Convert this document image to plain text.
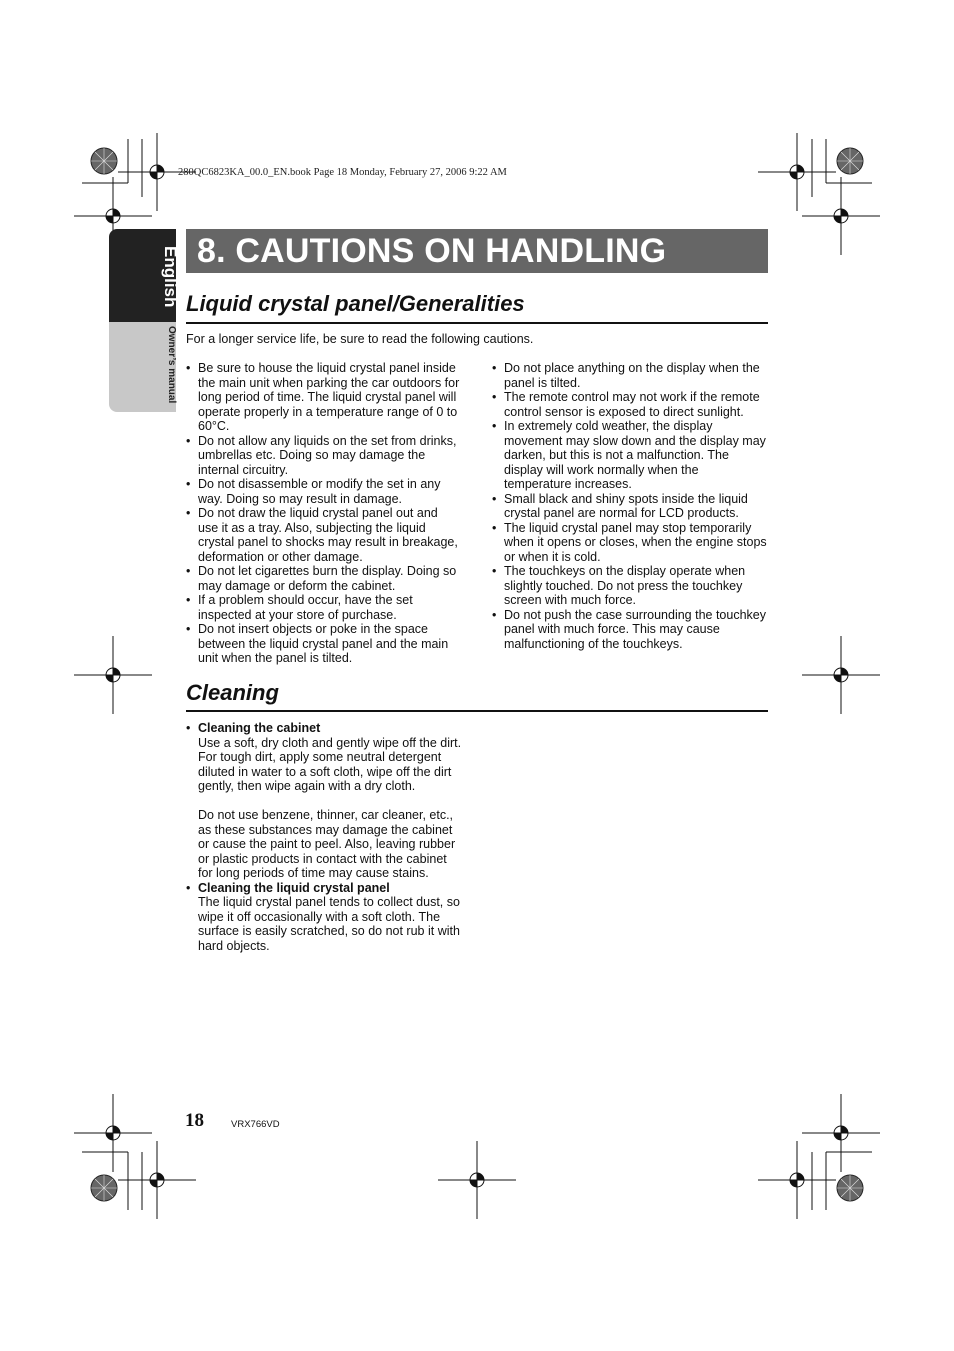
280QC6823KA_00.0_EN.book Page 18 Monday, February 27, 2006 9:22 AM
English
Owner’s manual
8. CAUTIONS ON HANDLING
Liquid crystal panel/Generalities
For a longer service life, be sure to read the following cautions.
• Be sure to house the liquid crystal panel inside the main unit when parking the car outdoors for long period of time. The liquid crystal panel will operate properly in a temperature range of 0 to 60°C.
• Do not allow any liquids on the set from drinks, umbrellas etc. Doing so may damage the internal circuitry.
• Do not disassemble or modify the set in any way. Doing so may result in damage.
• Do not draw the liquid crystal panel out and use it as a tray. Also, subjecting the liquid crystal panel to shocks may result in breakage, deformation or other damage.
• Do not let cigarettes burn the display. Doing so may damage or deform the cabinet.
• If a problem should occur, have the set inspected at your store of purchase.
• Do not insert objects or poke in the space between the liquid crystal panel and the main unit when the panel is tilted.
• Do not place anything on the display when the panel is tilted.
• The remote control may not work if the remote control sensor is exposed to direct sunlight.
• In extremely cold weather, the display movement may slow down and the display may darken, but this is not a malfunction. The display will work normally when the temperature increases.
• Small black and shiny spots inside the liquid crystal panel are normal for LCD products.
• The liquid crystal panel may stop temporarily when it opens or closes, when the engine stops or when it is cold.
• The touchkeys on the display operate when slightly touched. Do not press the touchkey screen with much force.
• Do not push the case surrounding the touchkey panel with much force. This may cause malfunctioning of the touchkeys.
Cleaning
• Cleaning the cabinet
Use a soft, dry cloth and gently wipe off the dirt. For tough dirt, apply some neutral detergent diluted in water to a soft cloth, wipe off the dirt gently, then wipe again with a dry cloth.
Do not use benzene, thinner, car cleaner, etc., as these substances may damage the cabinet or cause the paint to peel. Also, leaving rubber or plastic products in contact with the cabinet for long periods of time may cause stains.
• Cleaning the liquid crystal panel
The liquid crystal panel tends to collect dust, so wipe it off occasionally with a soft cloth. The surface is easily scratched, so do not rub it with hard objects.
18	VRX766VD
